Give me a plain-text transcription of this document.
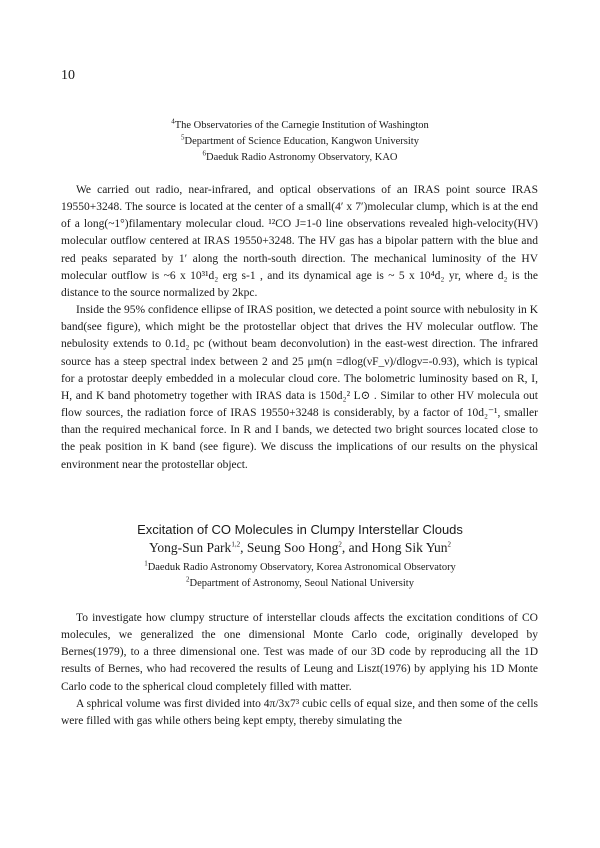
10
$^4$The Observatories of the Carnegie Institution of Washington
$^5$Department of Science Education, Kangwon University
$^6$Daeduk Radio Astronomy Observatory, KAO

We carried out radio, near-infrared, and optical observations of an IRAS point source IRAS 19550+3248. The source is located at the center of a small(4′ x 7′)molecular clump, which is at the end of a long(~1°)filamentary molecular cloud. ¹²CO J=1-0 line observations revealed high-velocity(HV) molecular outflow centered at IRAS 19550+3248. The HV gas has a bipolar pattern with the blue and red peaks separated by 1′ along the north-south direction. The mechanical luminosity of the HV molecular outflow is ~6 x 10³¹d₂ erg s-1 , and its dynamical age is ~ 5 x 10⁴d₂ yr, where d₂ is the distance to the source normalized by 2kpc.

Inside the 95% confidence ellipse of IRAS position, we detected a point source with nebulosity in K band(see figure), which might be the protostellar object that drives the HV molecular outflow. The nebulosity extends to 0.1d₂ pc (without beam deconvolution) in the east-west direction. The infrared source has a steep spectral index between 2 and 25 μm(n =dlog(νF_ν)/dlogν=-0.93), which is typical for a protostar deeply embedded in a molecular cloud core. The bolometric luminosity based on R, I, H, and K band photometry together with IRAS data is 150d₂² L⊙ . Similar to other HV molecula out flow sources, the radiation force of IRAS 19550+3248 is considerably, by a factor of 10d₂⁻¹, smaller than the required mechanical force. In R and I bands, we detected two bright sources located close to the peak position in K band (see figure). We discuss the implications of our results on the physical environment near the protostellar object.

Excitation of CO Molecules in Clumpy Interstellar Clouds
Yong-Sun Park$^{1,2}$, Seung Soo Hong$^2$, and Hong Sik Yun$^2$
$^1$Daeduk Radio Astronomy Observatory, Korea Astronomical Observatory
$^2$Department of Astronomy, Seoul National University

To investigate how clumpy structure of interstellar clouds affects the excitation conditions of CO molecules, we generalized the one dimensional Monte Carlo code, originally developed by Bernes(1979), to a three dimensional one. Test was made of our 3D code by reproducing all the 1D results of Bernes, who had recovered the results of Leung and Liszt(1976) by applying his 1D Monte Carlo code to the spherical cloud completely filled with matter.

A sphrical volume was first divided into 4π/3x7³ cubic cells of equal size, and then some of the cells were filled with gas while others being kept empty, thereby simulating the
